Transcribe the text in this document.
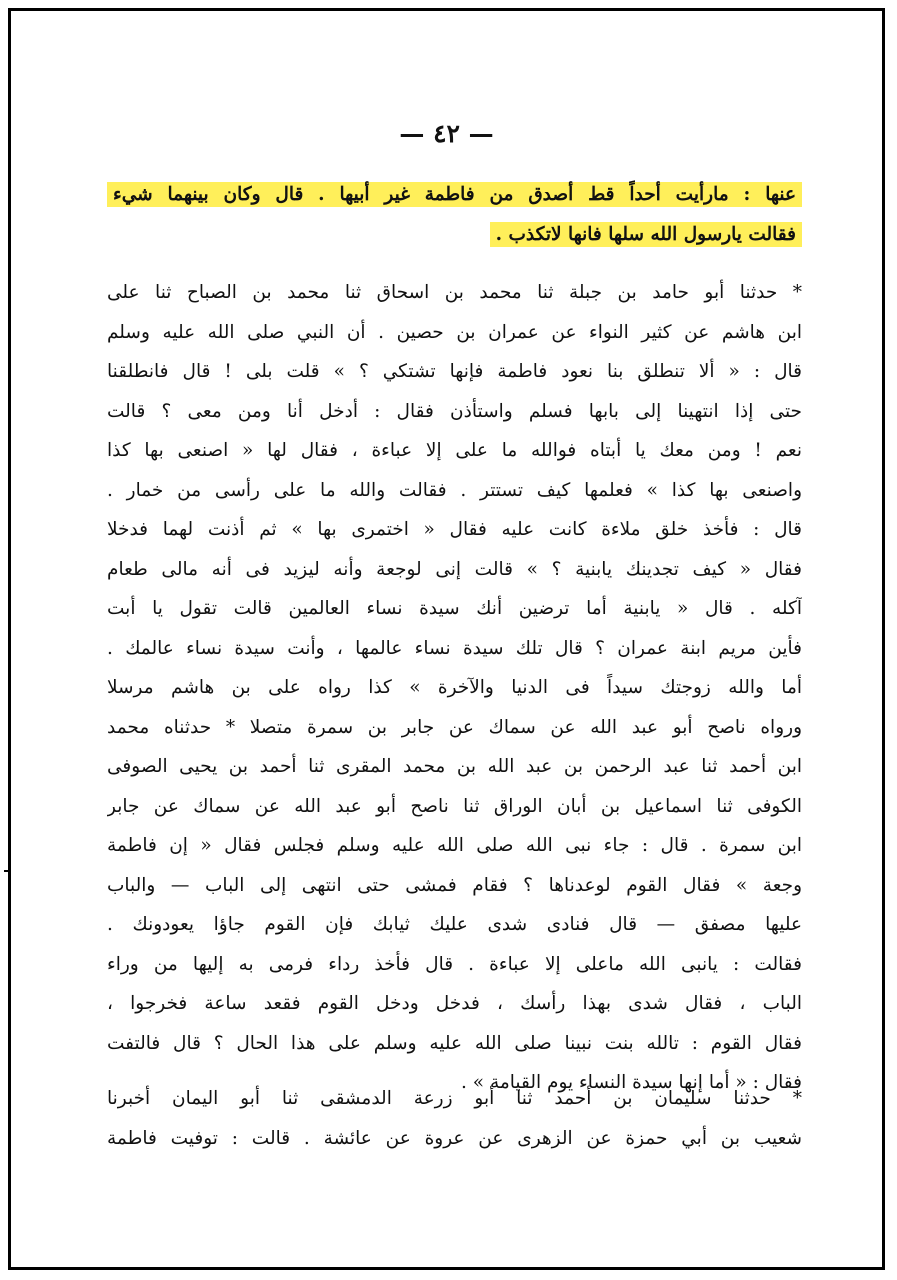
— ٤٢ —
عنها : مارأيت أحداً قط أصدق من فاطمة غير أبيها . قال وكان بينهما شيء
فقالت يارسول الله سلها فانها لاتكذب .
* حدثنا أبو حامد بن جبلة ثنا محمد بن اسحاق ثنا محمد بن الصباح ثنا على
ابن هاشم عن كثير النواء عن عمران بن حصين . أن النبي صلى الله عليه وسلم
قال : « ألا تنطلق بنا نعود فاطمة فإنها تشتكي ؟ » قلت بلى ! قال فانطلقنا
حتى إذا انتهينا إلى بابها فسلم واستأذن فقال : أدخل أنا ومن معى ؟ قالت
نعم ! ومن معك يا أبتاه فوالله ما على إلا عباءة ، فقال لها « اصنعى بها كذا
واصنعى بها كذا » فعلمها كيف تستتر . فقالت والله ما على رأسى من خمار .
قال : فأخذ خلق ملاءة كانت عليه فقال « اختمرى بها » ثم أذنت لهما فدخلا
فقال « كيف تجدينك يابنية ؟ » قالت إنى لوجعة وأنه ليزيد فى أنه مالى طعام
آكله . قال « يابنية أما ترضين أنك سيدة نساء العالمين قالت تقول يا أبت
فأين مريم ابنة عمران ؟ قال تلك سيدة نساء عالمها ، وأنت سيدة نساء عالمك .
أما والله زوجتك سيداً فى الدنيا والآخرة » كذا رواه على بن هاشم مرسلا
ورواه ناصح أبو عبد الله عن سماك عن جابر بن سمرة متصلا * حدثناه محمد
ابن أحمد ثنا عبد الرحمن بن عبد الله بن محمد المقرى ثنا أحمد بن يحيى الصوفى
الكوفى ثنا اسماعيل بن أبان الوراق ثنا ناصح أبو عبد الله عن سماك عن جابر
ابن سمرة . قال : جاء نبى الله صلى الله عليه وسلم فجلس فقال « إن فاطمة
وجعة » فقال القوم لوعدناها ؟ فقام فمشى حتى انتهى إلى الباب — والباب
عليها مصفق — قال فنادى شدى عليك ثيابك فإن القوم جاؤا يعودونك .
فقالت : يانبى الله ماعلى إلا عباءة . قال فأخذ رداء فرمى به إليها من وراء
الباب ، فقال شدى بهذا رأسك ، فدخل ودخل القوم فقعد ساعة فخرجوا ،
فقال القوم : تالله بنت نبينا صلى الله عليه وسلم على هذا الحال ؟ قال فالتفت
فقال : « أما إنها سيدة النساء يوم القيامة » .
* حدثنا سليمان بن أحمد ثنا أبو زرعة الدمشقى ثنا أبو اليمان أخبرنا
شعيب بن أبي حمزة عن الزهرى عن عروة عن عائشة . قالت : توفيت فاطمة
